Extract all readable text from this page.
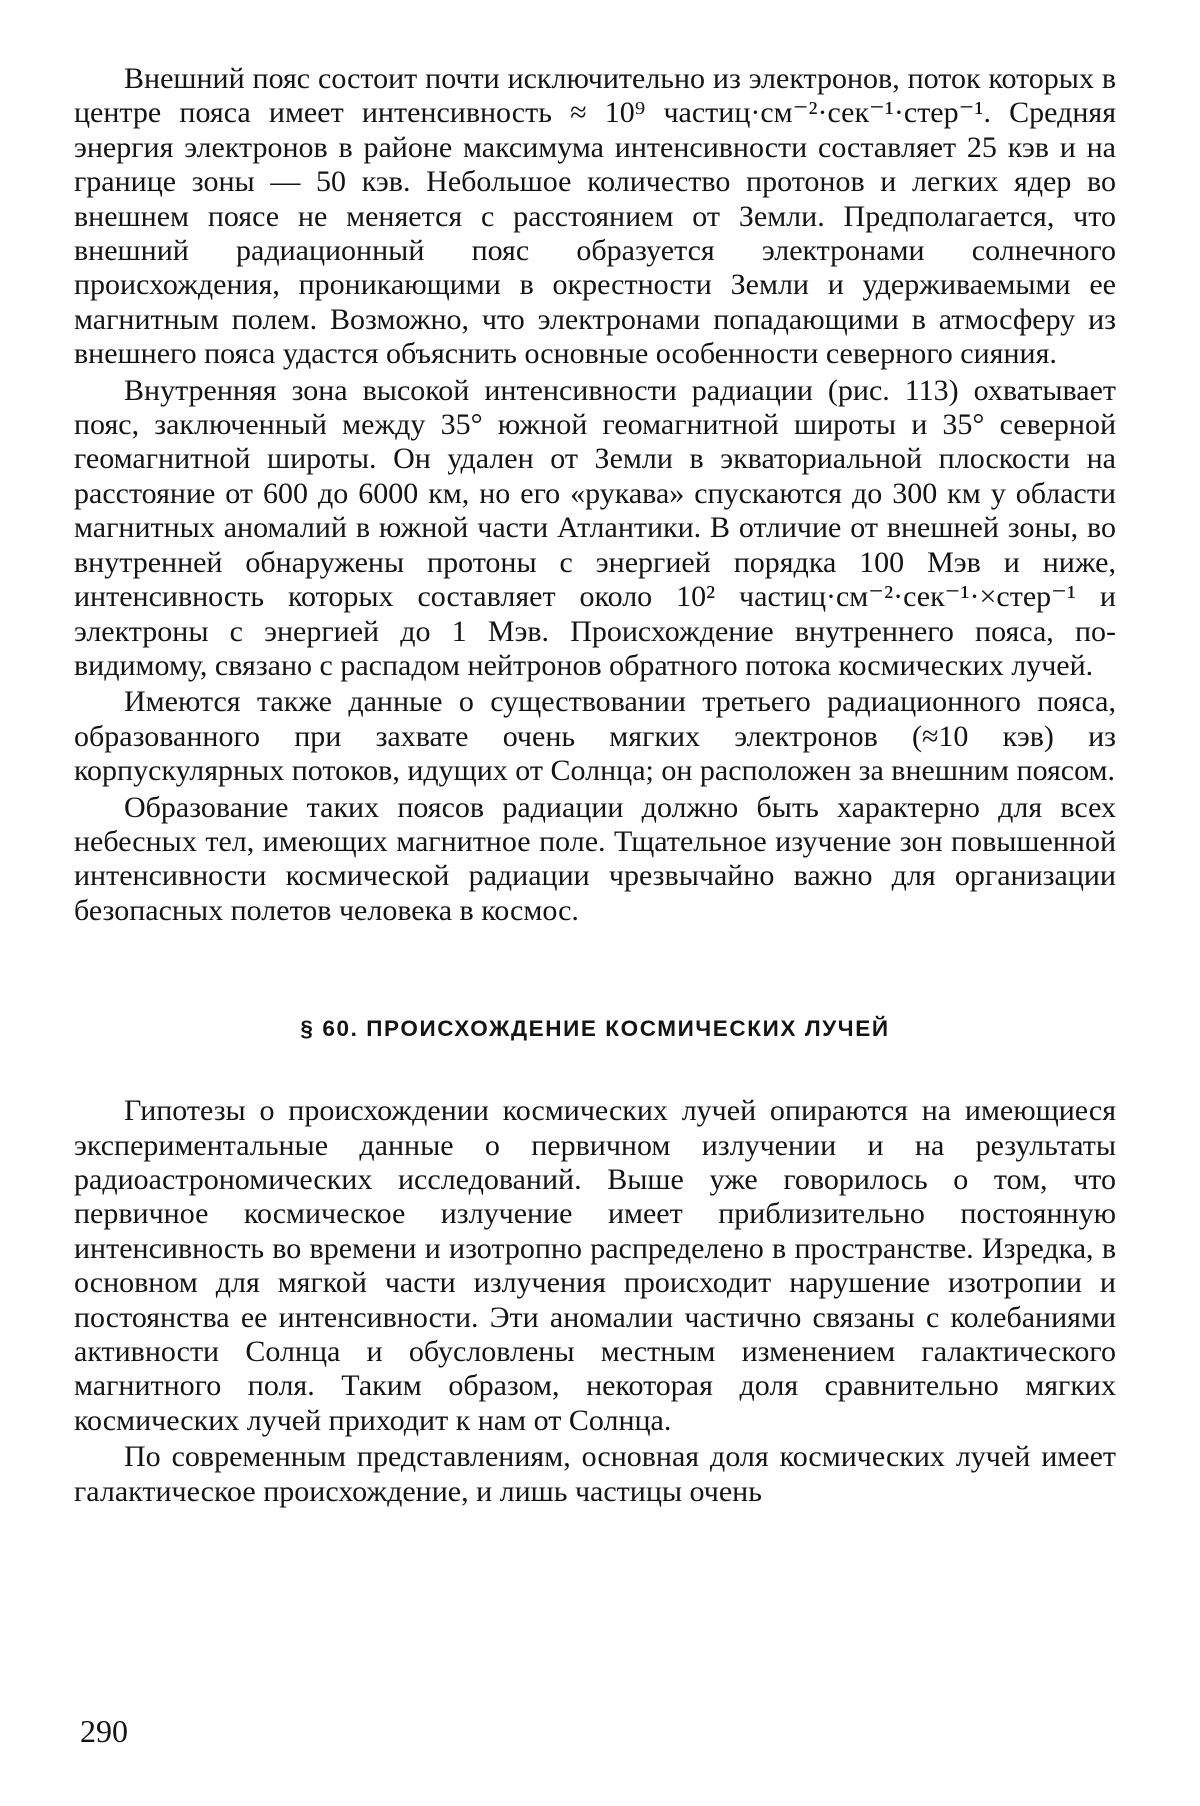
Внешний пояс состоит почти исключительно из электронов, поток которых в центре пояса имеет интенсивность ≈ 10⁹ частиц·см⁻²·сек⁻¹·стер⁻¹. Средняя энергия электронов в районе максимума интенсивности составляет 25 кэв и на границе зоны — 50 кэв. Небольшое количество протонов и легких ядер во внешнем поясе не меняется с расстоянием от Земли. Предполагается, что внешний радиационный пояс образуется электронами солнечного происхождения, проникающими в окрестности Земли и удерживаемыми ее магнитным полем. Возможно, что электронами попадающими в атмосферу из внешнего пояса удастся объяснить основные особенности северного сияния.

Внутренняя зона высокой интенсивности радиации (рис. 113) охватывает пояс, заключенный между 35° южной геомагнитной широты и 35° северной геомагнитной широты. Он удален от Земли в экваториальной плоскости на расстояние от 600 до 6000 км, но его «рукава» спускаются до 300 км у области магнитных аномалий в южной части Атлантики. В отличие от внешней зоны, во внутренней обнаружены протоны с энергией порядка 100 Мэв и ниже, интенсивность которых составляет около 10² частиц·см⁻²·сек⁻¹·×стер⁻¹ и электроны с энергией до 1 Мэв. Происхождение внутреннего пояса, по-видимому, связано с распадом нейтронов обратного потока космических лучей.

Имеются также данные о существовании третьего радиационного пояса, образованного при захвате очень мягких электронов (≈10 кэв) из корпускулярных потоков, идущих от Солнца; он расположен за внешним поясом.

Образование таких поясов радиации должно быть характерно для всех небесных тел, имеющих магнитное поле. Тщательное изучение зон повышенной интенсивности космической радиации чрезвычайно важно для организации безопасных полетов человека в космос.

§ 60. ПРОИСХОЖДЕНИЕ КОСМИЧЕСКИХ ЛУЧЕЙ

Гипотезы о происхождении космических лучей опираются на имеющиеся экспериментальные данные о первичном излучении и на результаты радиоастрономических исследований. Выше уже говорилось о том, что первичное космическое излучение имеет приблизительно постоянную интенсивность во времени и изотропно распределено в пространстве. Изредка, в основном для мягкой части излучения происходит нарушение изотропии и постоянства ее интенсивности. Эти аномалии частично связаны с колебаниями активности Солнца и обусловлены местным изменением галактического магнитного поля. Таким образом, некоторая доля сравнительно мягких космических лучей приходит к нам от Солнца.

По современным представлениям, основная доля космических лучей имеет галактическое происхождение, и лишь частицы очень

290
